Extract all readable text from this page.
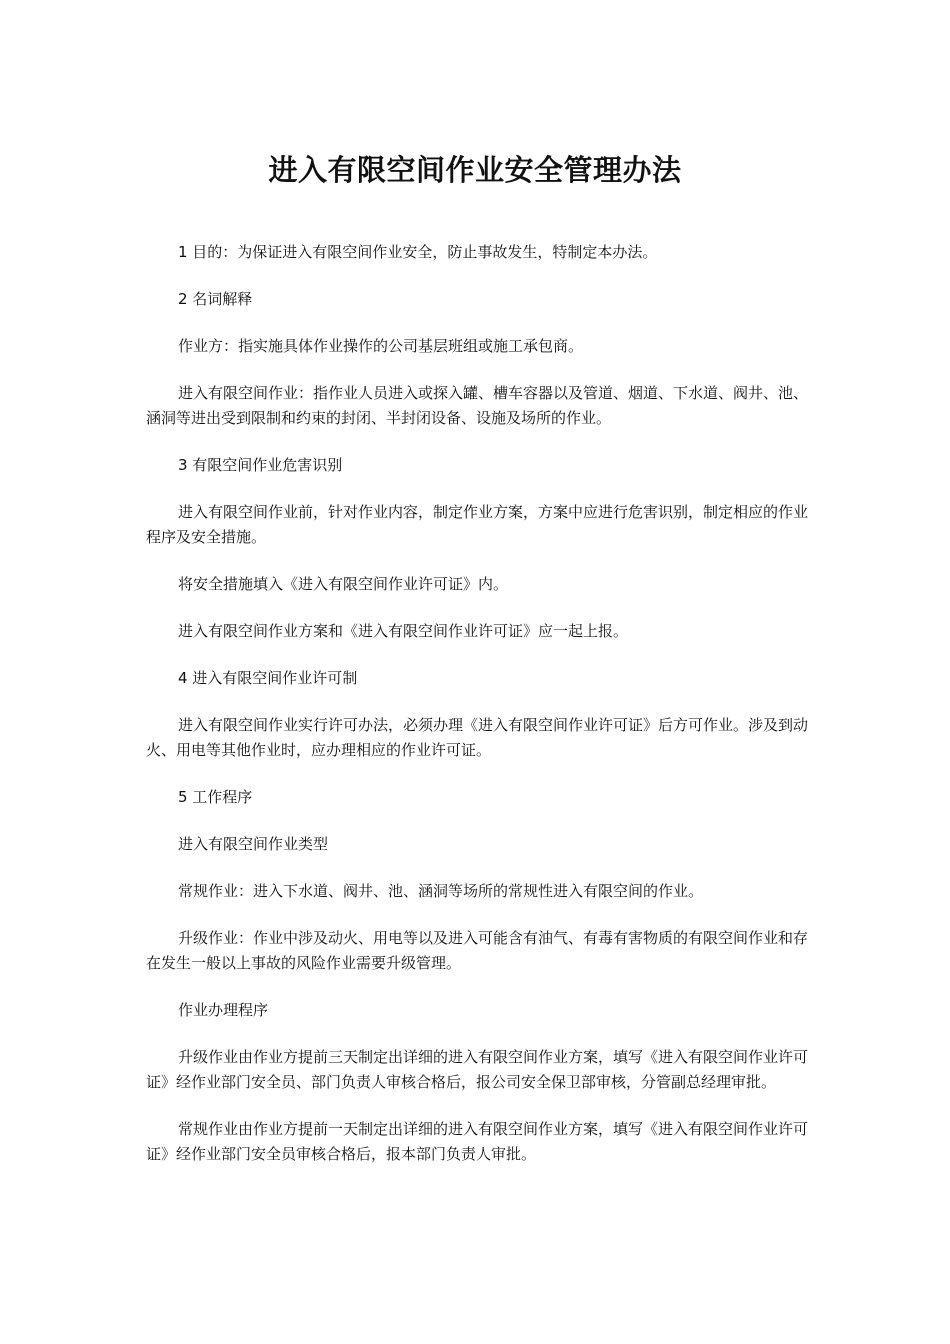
进入有限空间作业安全管理办法

1 目的：为保证进入有限空间作业安全，防止事故发生，特制定本办法。

2 名词解释

作业方：指实施具体作业操作的公司基层班组或施工承包商。

进入有限空间作业：指作业人员进入或探入罐、槽车容器以及管道、烟道、下水道、阀井、池、涵洞等进出受到限制和约束的封闭、半封闭设备、设施及场所的作业。

3 有限空间作业危害识别

进入有限空间作业前，针对作业内容，制定作业方案，方案中应进行危害识别，制定相应的作业程序及安全措施。

将安全措施填入《进入有限空间作业许可证》内。

进入有限空间作业方案和《进入有限空间作业许可证》应一起上报。

4 进入有限空间作业许可制

进入有限空间作业实行许可办法，必须办理《进入有限空间作业许可证》后方可作业。涉及到动火、用电等其他作业时，应办理相应的作业许可证。

5 工作程序

进入有限空间作业类型

常规作业：进入下水道、阀井、池、涵洞等场所的常规性进入有限空间的作业。

升级作业：作业中涉及动火、用电等以及进入可能含有油气、有毒有害物质的有限空间作业和存在发生一般以上事故的风险作业需要升级管理。

作业办理程序

升级作业由作业方提前三天制定出详细的进入有限空间作业方案，填写《进入有限空间作业许可证》经作业部门安全员、部门负责人审核合格后，报公司安全保卫部审核，分管副总经理审批。

常规作业由作业方提前一天制定出详细的进入有限空间作业方案，填写《进入有限空间作业许可证》经作业部门安全员审核合格后，报本部门负责人审批。
